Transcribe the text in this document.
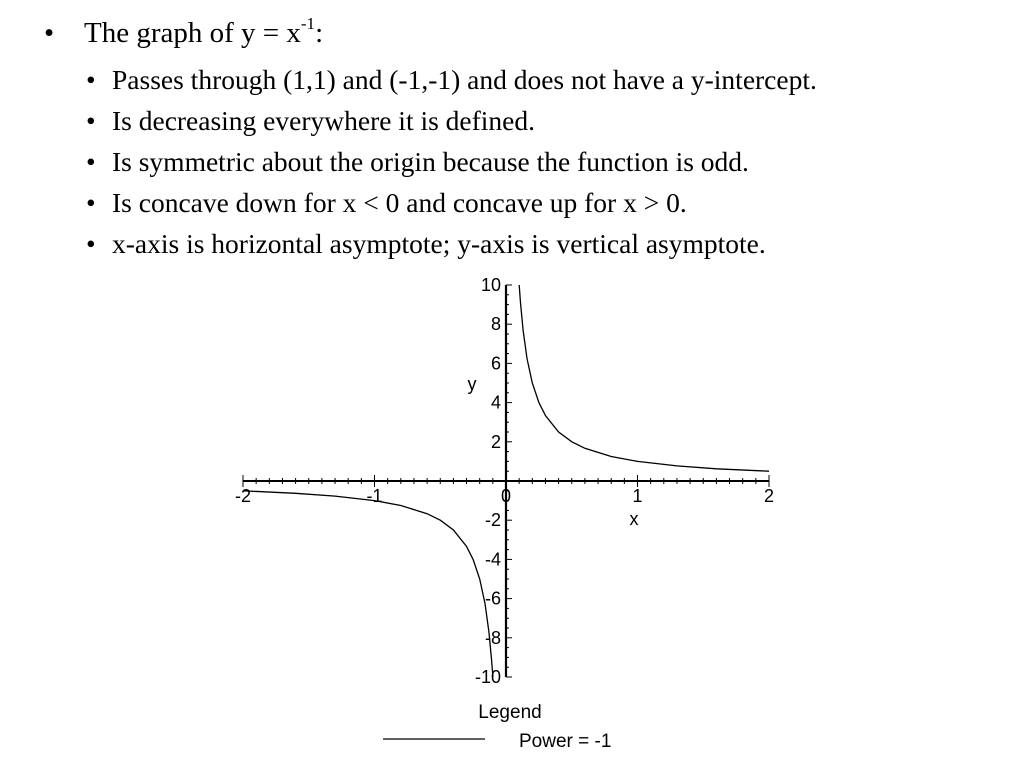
• The graph of $y = x^{-1}$:
• Passes through (1,1) and (-1,-1) and does not have a y-intercept.
• Is decreasing everywhere it is defined.
• Is symmetric about the origin because the function is odd.
• Is concave down for x < 0 and concave up for x > 0.
• x-axis is horizontal asymptote; y-axis is vertical asymptote.
x
y
-2	-1	0	1	2
-10
-8
-6
-4
-2
2
4
6
8
10
Legend
Power = -1
